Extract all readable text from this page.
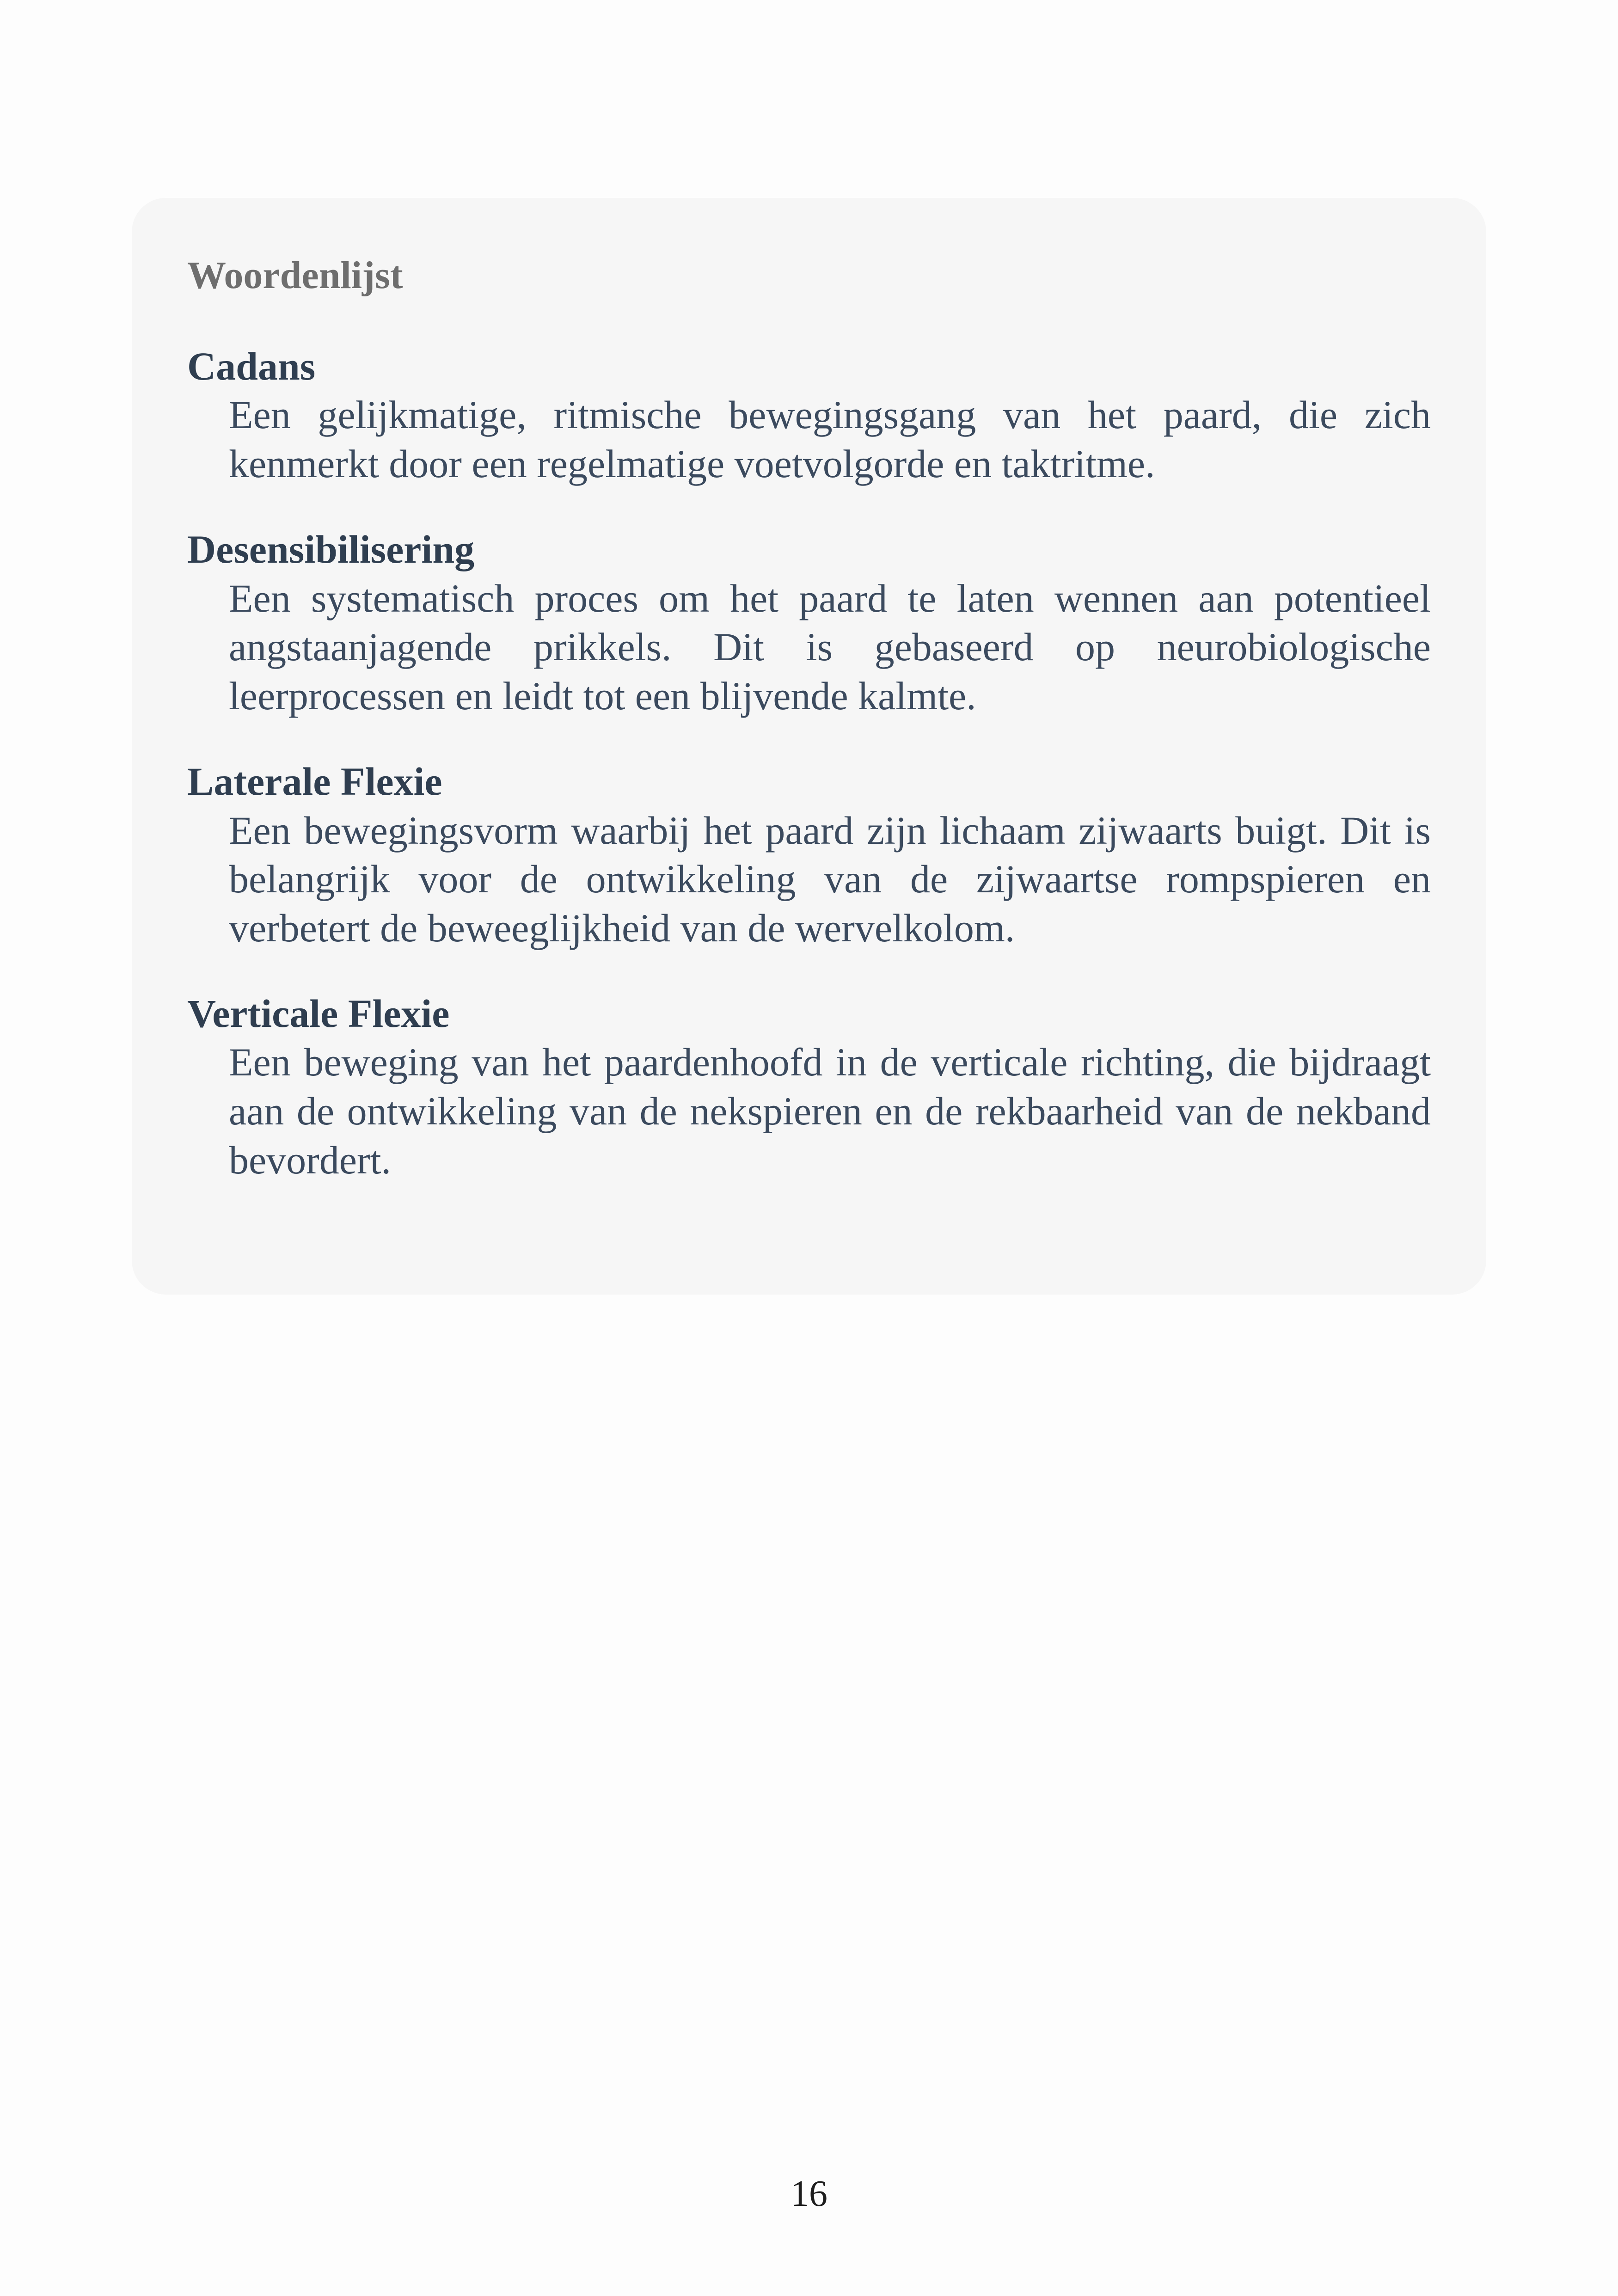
Woordenlijst

Cadans

Een gelijkmatige, ritmische bewegingsgang van het paard, die zich kenmerkt door een regelmatige voetvolgorde en taktritme.

Desensibilisering

Een systematisch proces om het paard te laten wennen aan potentieel angstaanjagende prikkels. Dit is gebaseerd op neurobiologische leerprocessen en leidt tot een blijvende kalmte.

Laterale Flexie

Een bewegingsvorm waarbij het paard zijn lichaam zijwaarts buigt. Dit is belangrijk voor de ontwikkeling van de zijwaartse rompspieren en verbetert de beweeglijkheid van de wervelkolom.

Verticale Flexie

Een beweging van het paardenhoofd in de verticale richting, die bijdraagt aan de ontwikkeling van de nekspieren en de rekbaarheid van de nekband bevordert.

16
